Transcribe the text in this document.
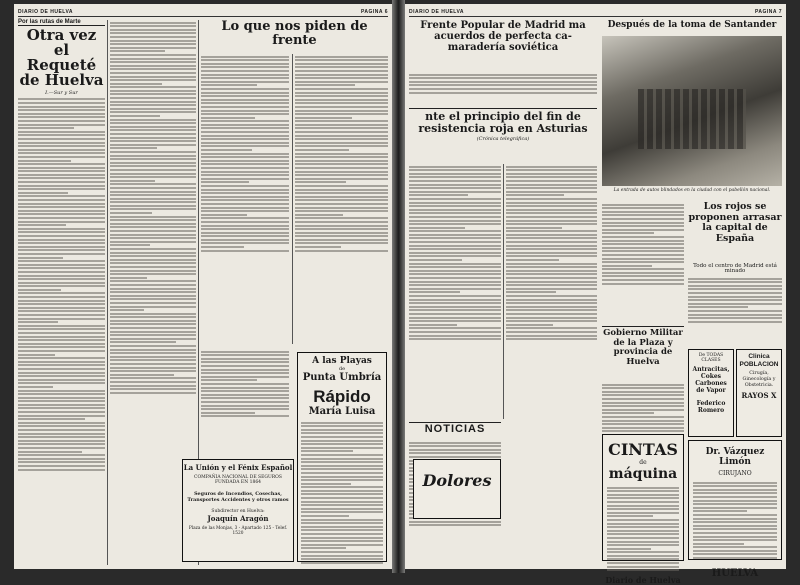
DIARIO DE HUELVA	PAGINA 6
Por las rutas de Marte
Otra vez el Requeté de Huelva
I.—Sur y Sur
Lo que nos piden de frente
A las Playas
de
Punta Umbría
Rápido
María Luisa
La Unión y el Fénix Español
COMPAÑIA NACIONAL DE SEGUROS
FUNDADA EN 1864
Seguros de Incendios, Cosechas, Transportes Accidentes y otros ramos
Subdirector en Huelva:
Joaquín Aragón
Plaza de las Monjas, 3 - Apartado 125 - Telef. 1520
DIARIO DE HUELVA	PAGINA 7
Frente Popular de Madrid ma acuerdos de perfecta camaradería soviética
nte el principio del fin de resistencia roja en Asturias
(Crónica telegráfica)
Después de la toma de Santander
La entrada de autos blindados en la ciudad con el pabellón nacional.
Los rojos se proponen arrasar la capital de España
Todo el centro de Madrid está minado
Gobierno Militar de la Plaza y provincia de Huelva
NOTICIAS
Dolores
CINTAS
de
máquina
Diario de Huelva
De TODAS CLASES
Antracitas, Cokes Carbones de Vapor
Federico Romero
Clinica POBLACION
Cirugía, Ginecología y Obstetricia.
RAYOS X
Dr. Vázquez Limón
CIRUJANO
HUELVA
